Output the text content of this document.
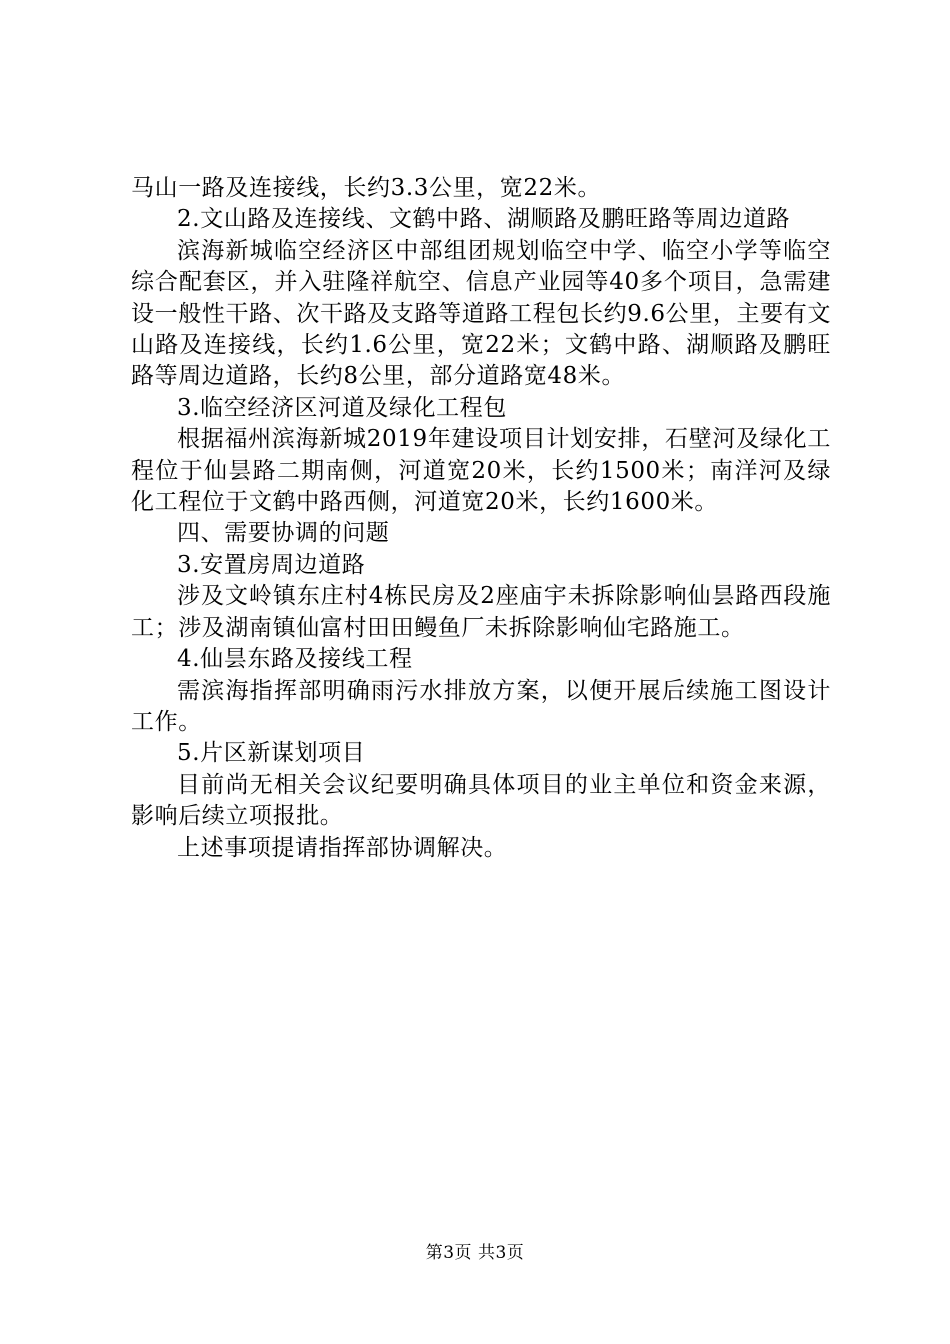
马山一路及连接线，长约3.3公里，宽22米。

2.文山路及连接线、文鹤中路、湖顺路及鹏旺路等周边道路

滨海新城临空经济区中部组团规划临空中学、临空小学等临空综合配套区，并入驻隆祥航空、信息产业园等40多个项目，急需建设一般性干路、次干路及支路等道路工程包长约9.6公里，主要有文山路及连接线，长约1.6公里，宽22米；文鹤中路、湖顺路及鹏旺路等周边道路，长约8公里，部分道路宽48米。

3.临空经济区河道及绿化工程包

根据福州滨海新城2019年建设项目计划安排，石壁河及绿化工程位于仙昙路二期南侧，河道宽20米，长约1500米；南洋河及绿化工程位于文鹤中路西侧，河道宽20米，长约1600米。

四、需要协调的问题

3.安置房周边道路

涉及文岭镇东庄村4栋民房及2座庙宇未拆除影响仙昙路西段施工；涉及湖南镇仙富村田田鳗鱼厂未拆除影响仙宅路施工。

4.仙昙东路及接线工程

需滨海指挥部明确雨污水排放方案，以便开展后续施工图设计工作。

5.片区新谋划项目

目前尚无相关会议纪要明确具体项目的业主单位和资金来源，影响后续立项报批。

上述事项提请指挥部协调解决。

第3页 共3页
